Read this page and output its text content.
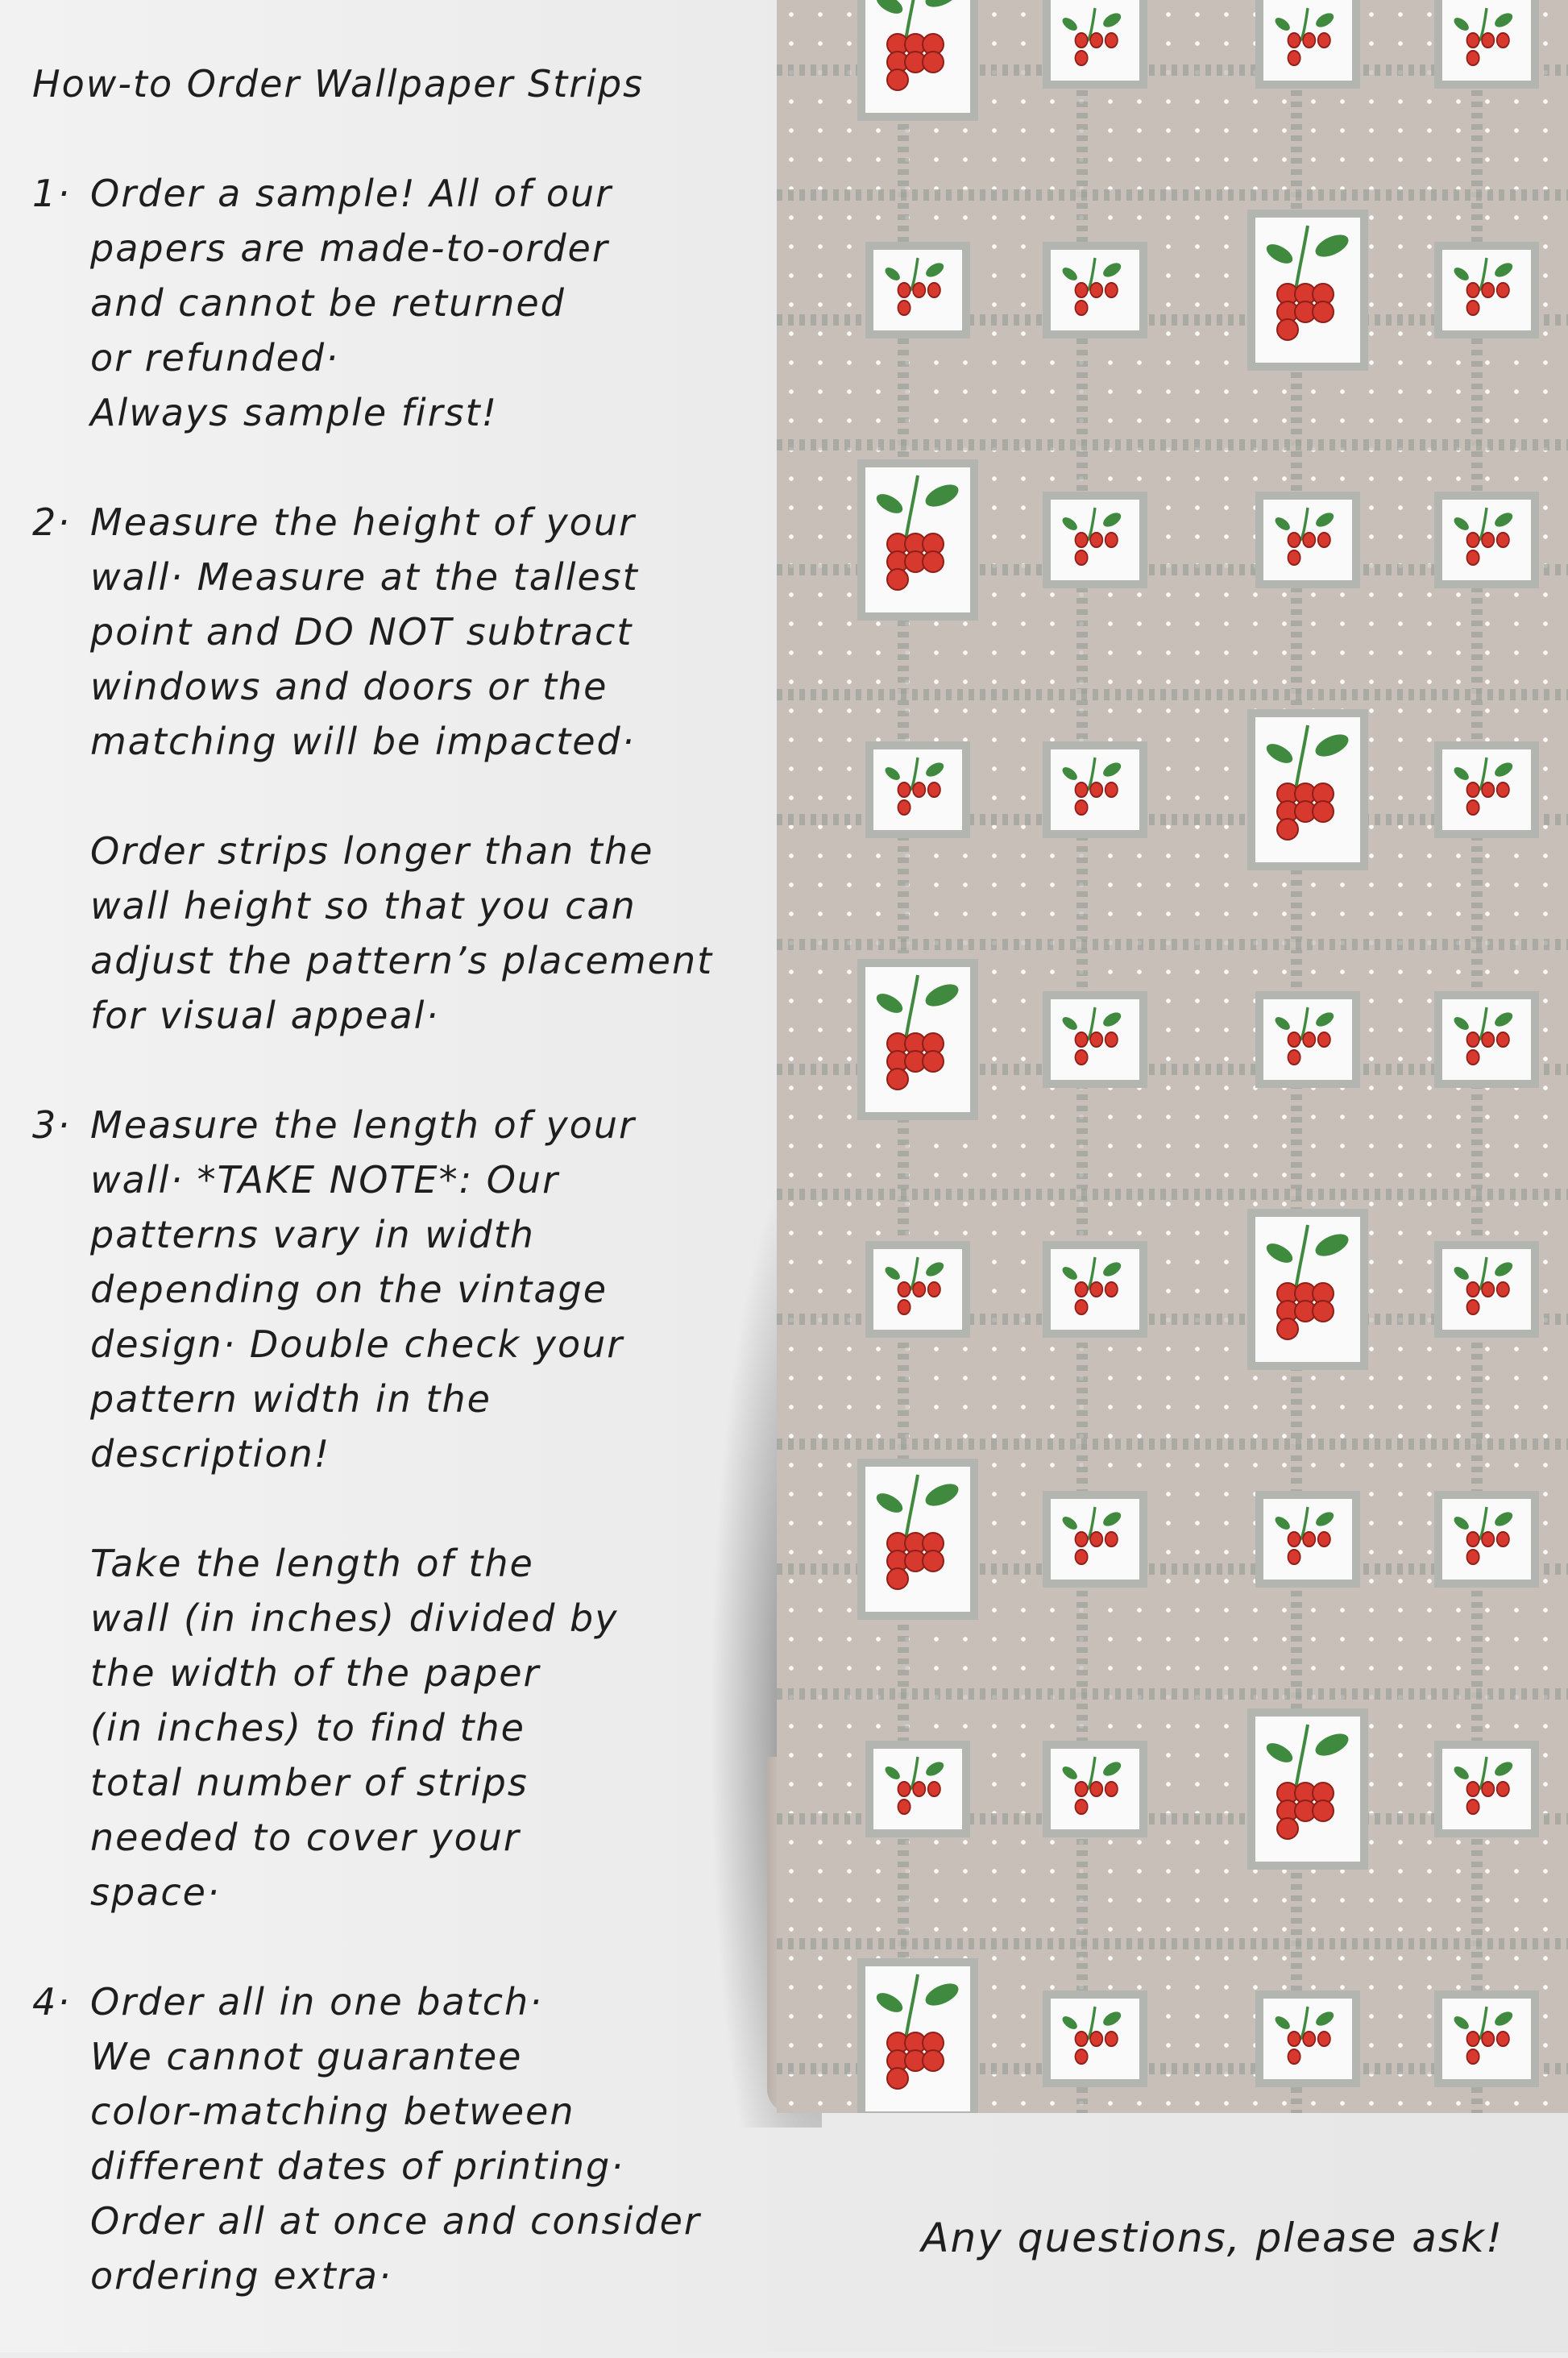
How-to Order Wallpaper Strips
1· Order a sample! All of our
papers are made-to-order
and cannot be returned
or refunded·
Always sample first!

2· Measure the height of your
wall· Measure at the tallest
point and DO NOT subtract
windows and doors or the
matching will be impacted·

Order strips longer than the
wall height so that you can
adjust the pattern’s placement
for visual appeal·

3· Measure the length of your
wall· *TAKE NOTE*: Our
patterns vary in width
depending on the vintage
design· Double check your
pattern width in the
description!

Take the length of the
wall (in inches) divided by
the width of the paper
(in inches) to find the
total number of strips
needed to cover your
space·

4· Order all in one batch·
We cannot guarantee
color-matching between
different dates of printing·
Order all at once and consider
ordering extra·

Any questions, please ask!
